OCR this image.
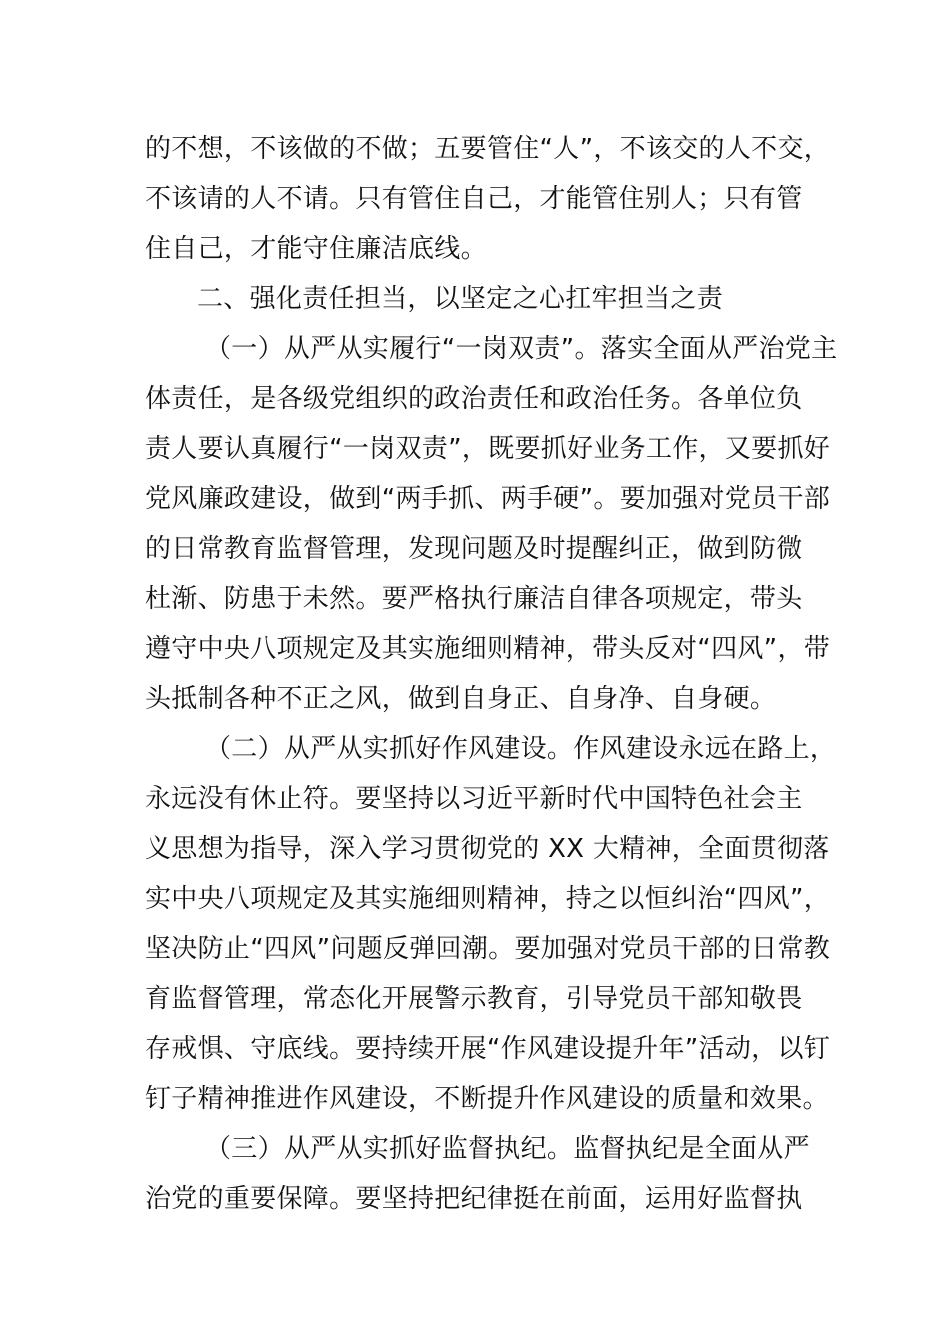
的不想，不该做的不做；五要管住“人”，不该交的人不交，
不该请的人不请。只有管住自己，才能管住别人；只有管
住自己，才能守住廉洁底线。
二、强化责任担当，以坚定之心扛牢担当之责
（一）从严从实履行“一岗双责”。落实全面从严治党主
体责任，是各级党组织的政治责任和政治任务。各单位负
责人要认真履行“一岗双责”，既要抓好业务工作，又要抓好
党风廉政建设，做到“两手抓、两手硬”。要加强对党员干部
的日常教育监督管理，发现问题及时提醒纠正，做到防微
杜渐、防患于未然。要严格执行廉洁自律各项规定，带头
遵守中央八项规定及其实施细则精神，带头反对“四风”，带
头抵制各种不正之风，做到自身正、自身净、自身硬。
（二）从严从实抓好作风建设。作风建设永远在路上，
永远没有休止符。要坚持以习近平新时代中国特色社会主
义思想为指导，深入学习贯彻党的 XX 大精神，全面贯彻落
实中央八项规定及其实施细则精神，持之以恒纠治“四风”，
坚决防止“四风”问题反弹回潮。要加强对党员干部的日常教
育监督管理，常态化开展警示教育，引导党员干部知敬畏
存戒惧、守底线。要持续开展“作风建设提升年”活动，以钉
钉子精神推进作风建设，不断提升作风建设的质量和效果。
（三）从严从实抓好监督执纪。监督执纪是全面从严
治党的重要保障。要坚持把纪律挺在前面，运用好监督执
